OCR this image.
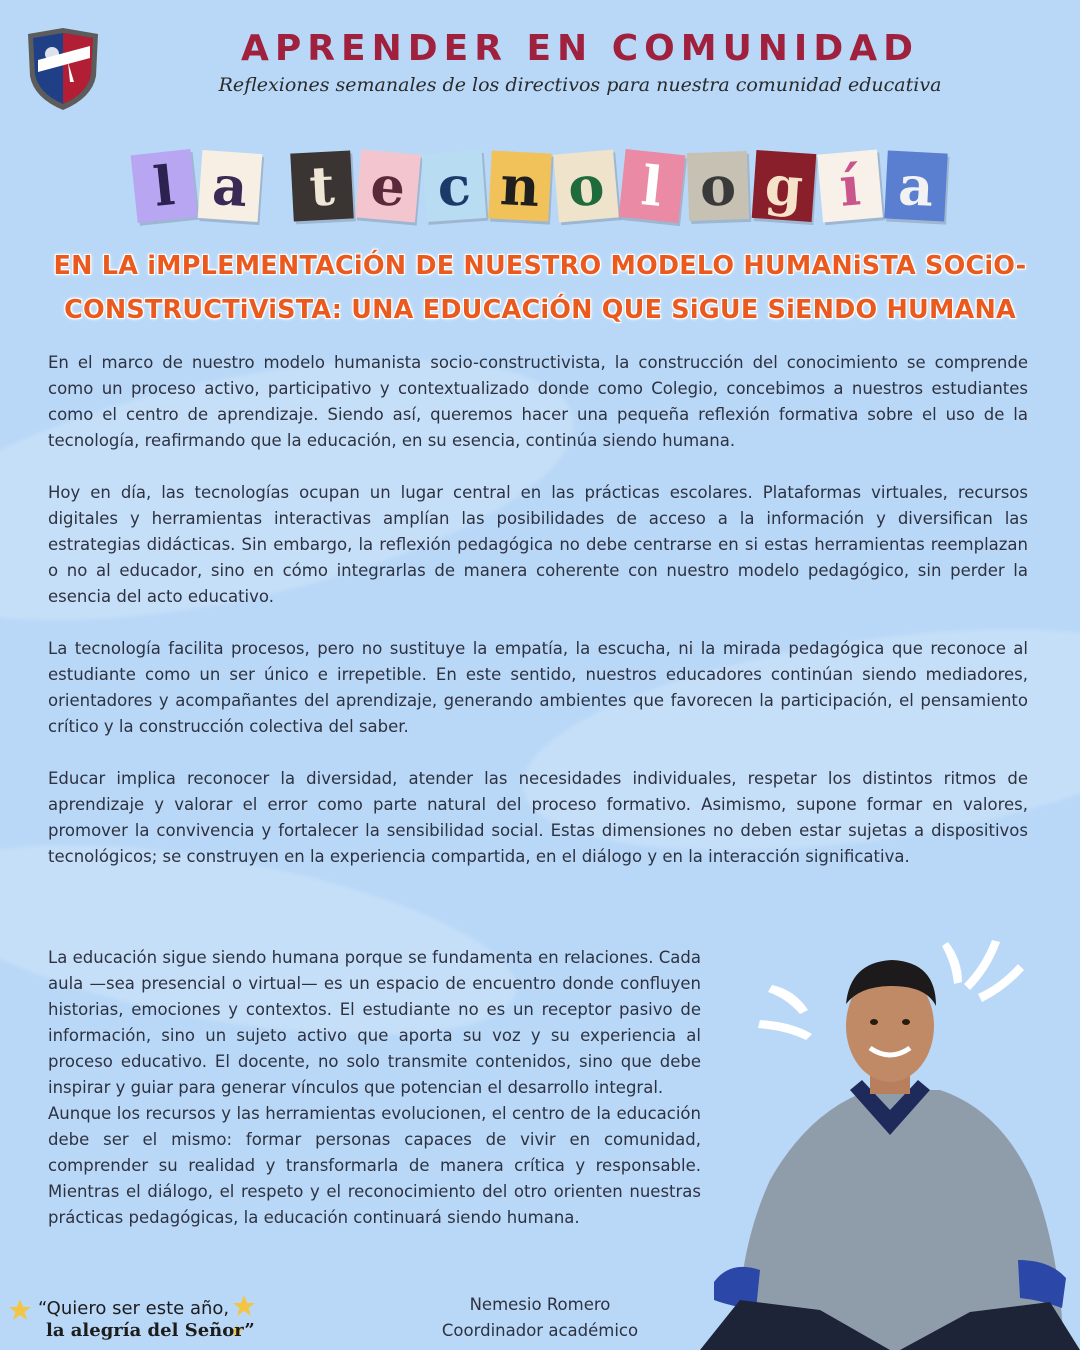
APRENDER EN COMUNIDAD
Reflexiones semanales de los directivos para nuestra comunidad educativa
l a	t e c n o l o g í a
EN LA iMPLEMENTACiÓN DE NUESTRO MODELO HUMANiSTA SOCiO-CONSTRUCTiViSTA: UNA EDUCACiÓN QUE SiGUE SiENDO HUMANA

En el marco de nuestro modelo humanista socio-constructivista, la construcción del conocimiento se comprende como un proceso activo, participativo y contextualizado donde como Colegio, concebimos a nuestros estudiantes como el centro de aprendizaje. Siendo así, queremos hacer una pequeña reflexión formativa sobre el uso de la tecnología, reafirmando que la educación, en su esencia, continúa siendo humana.

Hoy en día, las tecnologías ocupan un lugar central en las prácticas escolares. Plataformas virtuales, recursos digitales y herramientas interactivas amplían las posibilidades de acceso a la información y diversifican las estrategias didácticas. Sin embargo, la reflexión pedagógica no debe centrarse en si estas herramientas reemplazan o no al educador, sino en cómo integrarlas de manera coherente con nuestro modelo pedagógico, sin perder la esencia del acto educativo.

La tecnología facilita procesos, pero no sustituye la empatía, la escucha, ni la mirada pedagógica que reconoce al estudiante como un ser único e irrepetible. En este sentido, nuestros educadores continúan siendo mediadores, orientadores y acompañantes del aprendizaje, generando ambientes que favorecen la participación, el pensamiento crítico y la construcción colectiva del saber.

Educar implica reconocer la diversidad, atender las necesidades individuales, respetar los distintos ritmos de aprendizaje y valorar el error como parte natural del proceso formativo. Asimismo, supone formar en valores, promover la convivencia y fortalecer la sensibilidad social. Estas dimensiones no deben estar sujetas a dispositivos tecnológicos; se construyen en la experiencia compartida, en el diálogo y en la interacción significativa.

La educación sigue siendo humana porque se fundamenta en relaciones. Cada aula —sea presencial o virtual— es un espacio de encuentro donde confluyen historias, emociones y contextos. El estudiante no es un receptor pasivo de información, sino un sujeto activo que aporta su voz y su experiencia al proceso educativo. El docente, no solo transmite contenidos, sino que debe inspirar y guiar para generar vínculos que potencian el desarrollo integral.

Aunque los recursos y las herramientas evolucionen, el centro de la educación debe ser el mismo: formar personas capaces de vivir en comunidad, comprender su realidad y transformarla de manera crítica y responsable. Mientras el diálogo, el respeto y el reconocimiento del otro orienten nuestras prácticas pedagógicas, la educación continuará siendo humana.

Nemesio Romero
Coordinador académico
“Quiero ser este año,
la alegría del Señor”
